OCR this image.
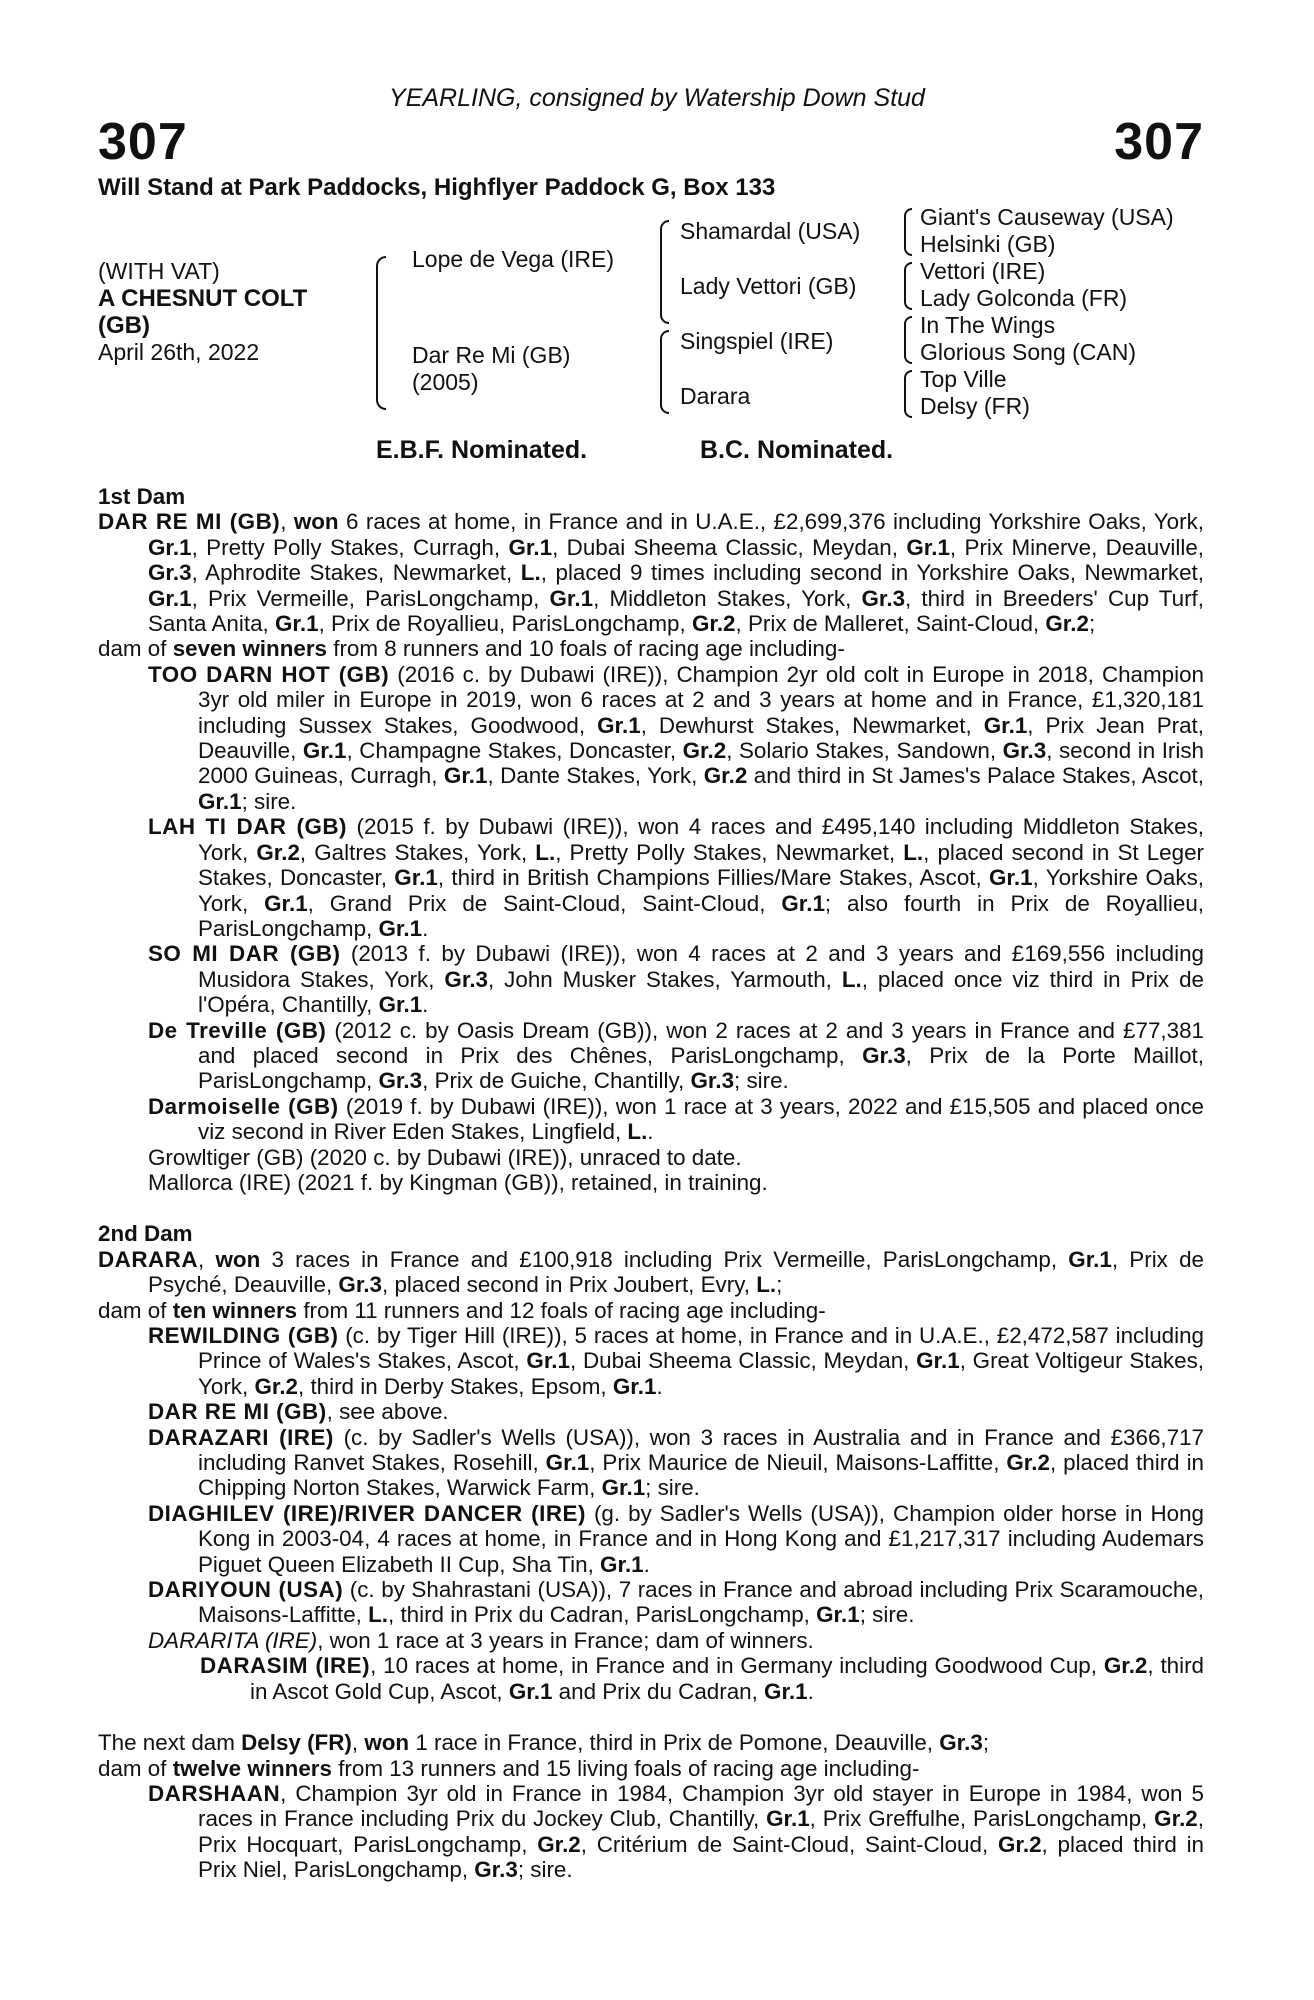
YEARLING, consigned by Watership Down Stud
307	307
Will Stand at Park Paddocks, Highflyer Paddock G, Box 133
(WITH VAT)
A CHESNUT COLT
(GB)
April 26th, 2022
Lope de Vega (IRE)
Dar Re Mi (GB)
(2005)
Shamardal (USA)
Lady Vettori (GB)
Singspiel (IRE)
Darara
Giant's Causeway (USA)
Helsinki (GB)
Vettori (IRE)
Lady Golconda (FR)
In The Wings
Glorious Song (CAN)
Top Ville
Delsy (FR)
E.B.F. Nominated.	B.C. Nominated.
1st Dam

DAR RE MI (GB), won 6 races at home, in France and in U.A.E., £2,699,376 including Yorkshire Oaks, York, Gr.1, Pretty Polly Stakes, Curragh, Gr.1, Dubai Sheema Classic, Meydan, Gr.1, Prix Minerve, Deauville, Gr.3, Aphrodite Stakes, Newmarket, L., placed 9 times including second in Yorkshire Oaks, Newmarket, Gr.1, Prix Vermeille, ParisLongchamp, Gr.1, Middleton Stakes, York, Gr.3, third in Breeders' Cup Turf, Santa Anita, Gr.1, Prix de Royallieu, ParisLongchamp, Gr.2, Prix de Malleret, Saint-Cloud, Gr.2;

dam of seven winners from 8 runners and 10 foals of racing age including-

TOO DARN HOT (GB) (2016 c. by Dubawi (IRE)), Champion 2yr old colt in Europe in 2018, Champion 3yr old miler in Europe in 2019, won 6 races at 2 and 3 years at home and in France, £1,320,181 including Sussex Stakes, Goodwood, Gr.1, Dewhurst Stakes, Newmarket, Gr.1, Prix Jean Prat, Deauville, Gr.1, Champagne Stakes, Doncaster, Gr.2, Solario Stakes, Sandown, Gr.3, second in Irish 2000 Guineas, Curragh, Gr.1, Dante Stakes, York, Gr.2 and third in St James's Palace Stakes, Ascot, Gr.1; sire.

LAH TI DAR (GB) (2015 f. by Dubawi (IRE)), won 4 races and £495,140 including Middleton Stakes, York, Gr.2, Galtres Stakes, York, L., Pretty Polly Stakes, Newmarket, L., placed second in St Leger Stakes, Doncaster, Gr.1, third in British Champions Fillies/Mare Stakes, Ascot, Gr.1, Yorkshire Oaks, York, Gr.1, Grand Prix de Saint-Cloud, Saint-Cloud, Gr.1; also fourth in Prix de Royallieu, ParisLongchamp, Gr.1.

SO MI DAR (GB) (2013 f. by Dubawi (IRE)), won 4 races at 2 and 3 years and £169,556 including Musidora Stakes, York, Gr.3, John Musker Stakes, Yarmouth, L., placed once viz third in Prix de l'Opéra, Chantilly, Gr.1.

De Treville (GB) (2012 c. by Oasis Dream (GB)), won 2 races at 2 and 3 years in France and £77,381 and placed second in Prix des Chênes, ParisLongchamp, Gr.3, Prix de la Porte Maillot, ParisLongchamp, Gr.3, Prix de Guiche, Chantilly, Gr.3; sire.

Darmoiselle (GB) (2019 f. by Dubawi (IRE)), won 1 race at 3 years, 2022 and £15,505 and placed once viz second in River Eden Stakes, Lingfield, L..

Growltiger (GB) (2020 c. by Dubawi (IRE)), unraced to date.

Mallorca (IRE) (2021 f. by Kingman (GB)), retained, in training.

2nd Dam

DARARA, won 3 races in France and £100,918 including Prix Vermeille, ParisLongchamp, Gr.1, Prix de Psyché, Deauville, Gr.3, placed second in Prix Joubert, Evry, L.;

dam of ten winners from 11 runners and 12 foals of racing age including-

REWILDING (GB) (c. by Tiger Hill (IRE)), 5 races at home, in France and in U.A.E., £2,472,587 including Prince of Wales's Stakes, Ascot, Gr.1, Dubai Sheema Classic, Meydan, Gr.1, Great Voltigeur Stakes, York, Gr.2, third in Derby Stakes, Epsom, Gr.1.

DAR RE MI (GB), see above.

DARAZARI (IRE) (c. by Sadler's Wells (USA)), won 3 races in Australia and in France and £366,717 including Ranvet Stakes, Rosehill, Gr.1, Prix Maurice de Nieuil, Maisons-Laffitte, Gr.2, placed third in Chipping Norton Stakes, Warwick Farm, Gr.1; sire.

DIAGHILEV (IRE)/RIVER DANCER (IRE) (g. by Sadler's Wells (USA)), Champion older horse in Hong Kong in 2003-04, 4 races at home, in France and in Hong Kong and £1,217,317 including Audemars Piguet Queen Elizabeth II Cup, Sha Tin, Gr.1.

DARIYOUN (USA) (c. by Shahrastani (USA)), 7 races in France and abroad including Prix Scaramouche, Maisons-Laffitte, L., third in Prix du Cadran, ParisLongchamp, Gr.1; sire.

DARARITA (IRE), won 1 race at 3 years in France; dam of winners.

DARASIM (IRE), 10 races at home, in France and in Germany including Goodwood Cup, Gr.2, third in Ascot Gold Cup, Ascot, Gr.1 and Prix du Cadran, Gr.1.

The next dam Delsy (FR), won 1 race in France, third in Prix de Pomone, Deauville, Gr.3;

dam of twelve winners from 13 runners and 15 living foals of racing age including-

DARSHAAN, Champion 3yr old in France in 1984, Champion 3yr old stayer in Europe in 1984, won 5 races in France including Prix du Jockey Club, Chantilly, Gr.1, Prix Greffulhe, ParisLongchamp, Gr.2, Prix Hocquart, ParisLongchamp, Gr.2, Critérium de Saint-Cloud, Saint-Cloud, Gr.2, placed third in Prix Niel, ParisLongchamp, Gr.3; sire.
